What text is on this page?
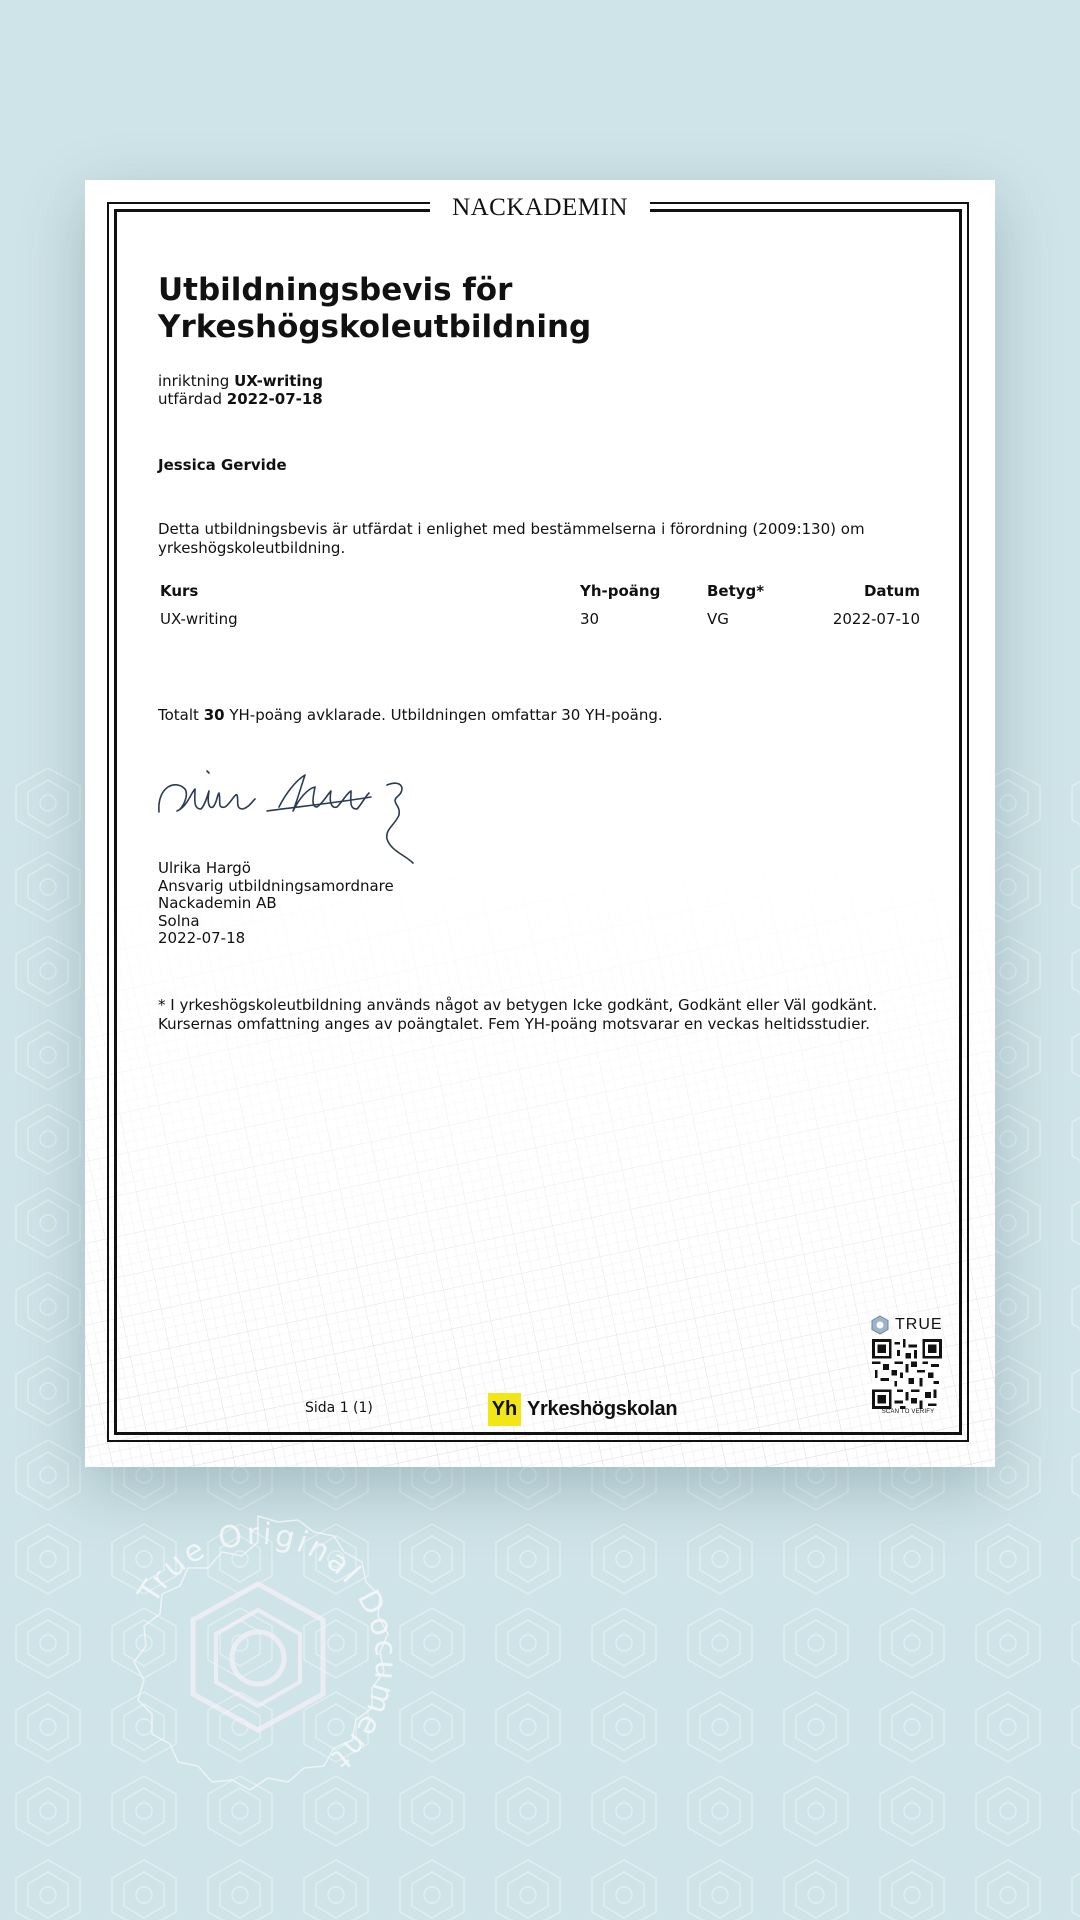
NACKADEMIN
Utbildningsbevis för
Yrkeshögskoleutbildning
inriktning UX-writing
utfärdad 2022-07-18
Jessica Gervide
Detta utbildningsbevis är utfärdat i enlighet med bestämmelserna i förordning (2009:130) om yrkeshögskoleutbildning.
Kurs	Yh-poäng	Betyg*	Datum
UX-writing	30	VG	2022-07-10
Totalt 30 YH-poäng avklarade. Utbildningen omfattar 30 YH-poäng.
Ulrika Hargö
Ansvarig utbildningsamordnare
Nackademin AB
Solna
2022-07-18
* I yrkeshögskoleutbildning används något av betygen Icke godkänt, Godkänt eller Väl godkänt.
Kursernas omfattning anges av poängtalet. Fem YH-poäng motsvarar en veckas heltidsstudier.
Sida 1 (1)	Yh Yrkeshögskolan
TRUE
SCAN TO VERIFY
True Original Document
